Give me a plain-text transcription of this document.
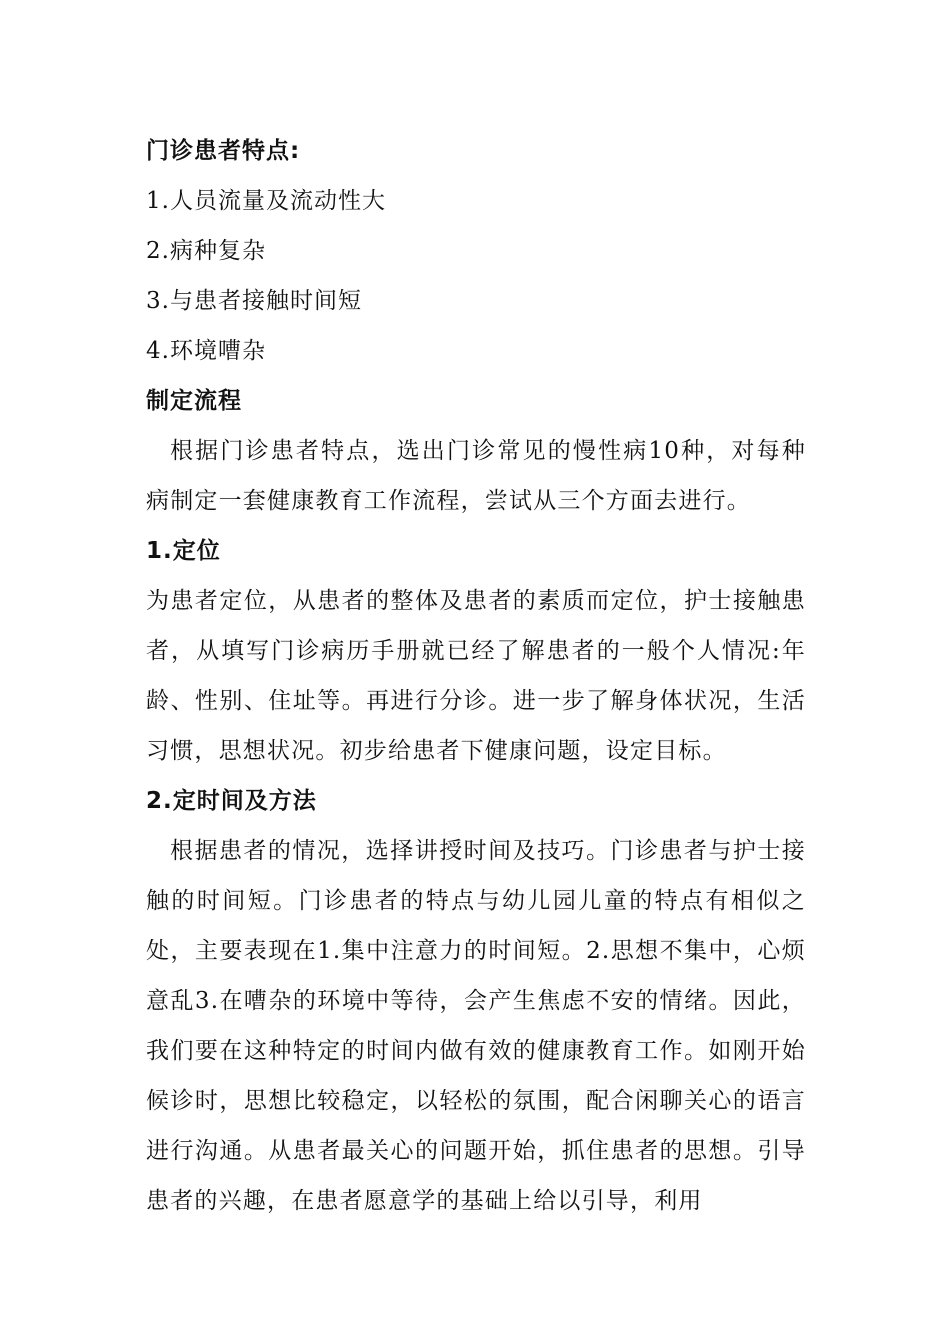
门诊患者特点:
1.人员流量及流动性大
2.病种复杂
3.与患者接触时间短
4.环境嘈杂
制定流程

根据门诊患者特点，选出门诊常见的慢性病10种，对每种病制定一套健康教育工作流程，尝试从三个方面去进行。

1.定位

为患者定位，从患者的整体及患者的素质而定位，护士接触患者，从填写门诊病历手册就已经了解患者的一般个人情况:年龄、性别、住址等。再进行分诊。进一步了解身体状况，生活习惯，思想状况。初步给患者下健康问题，设定目标。

2.定时间及方法

根据患者的情况，选择讲授时间及技巧。门诊患者与护士接触的时间短。门诊患者的特点与幼儿园儿童的特点有相似之处，主要表现在1.集中注意力的时间短。2.思想不集中，心烦意乱3.在嘈杂的环境中等待，会产生焦虑不安的情绪。因此，我们要在这种特定的时间内做有效的健康教育工作。如刚开始候诊时，思想比较稳定，以轻松的氛围，配合闲聊关心的语言进行沟通。从患者最关心的问题开始，抓住患者的思想。引导患者的兴趣，在患者愿意学的基础上给以引导，利用
